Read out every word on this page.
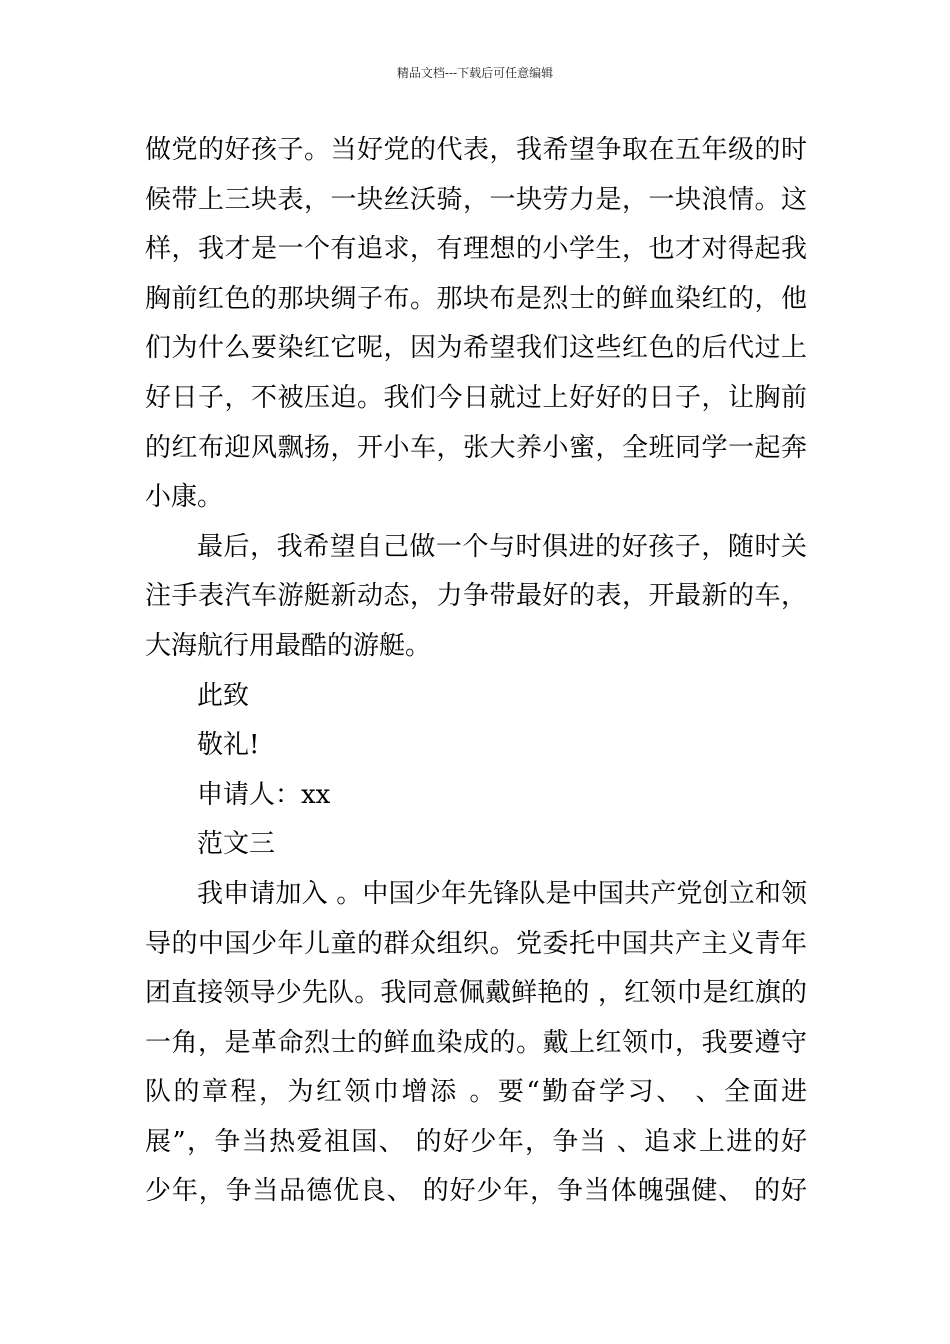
精品文档---下载后可任意编辑
做党的好孩子。当好党的代表，我希望争取在五年级的时
候带上三块表，一块丝沃骑，一块劳力是，一块浪情。这
样，我才是一个有追求，有理想的小学生，也才对得起我
胸前红色的那块绸子布。那块布是烈士的鲜血染红的，他
们为什么要染红它呢，因为希望我们这些红色的后代过上
好日子，不被压迫。我们今日就过上好好的日子，让胸前
的红布迎风飘扬，开小车，张大养小蜜，全班同学一起奔
小康。
最后，我希望自己做一个与时俱进的好孩子，随时关
注手表汽车游艇新动态，力争带最好的表，开最新的车，
大海航行用最酷的游艇。
此致
敬礼!
申请人：xx
范文三
我申请加入 。中国少年先锋队是中国共产党创立和领
导的中国少年儿童的群众组织。党委托中国共产主义青年
团直接领导少先队。我同意佩戴鲜艳的 ，红领巾是红旗的
一角，是革命烈士的鲜血染成的。戴上红领巾，我要遵守
队的章程，为红领巾增添 。要“勤奋学习、 、全面进
展”，争当热爱祖国、 的好少年，争当 、追求上进的好
少年，争当品德优良、 的好少年，争当体魄强健、 的好
